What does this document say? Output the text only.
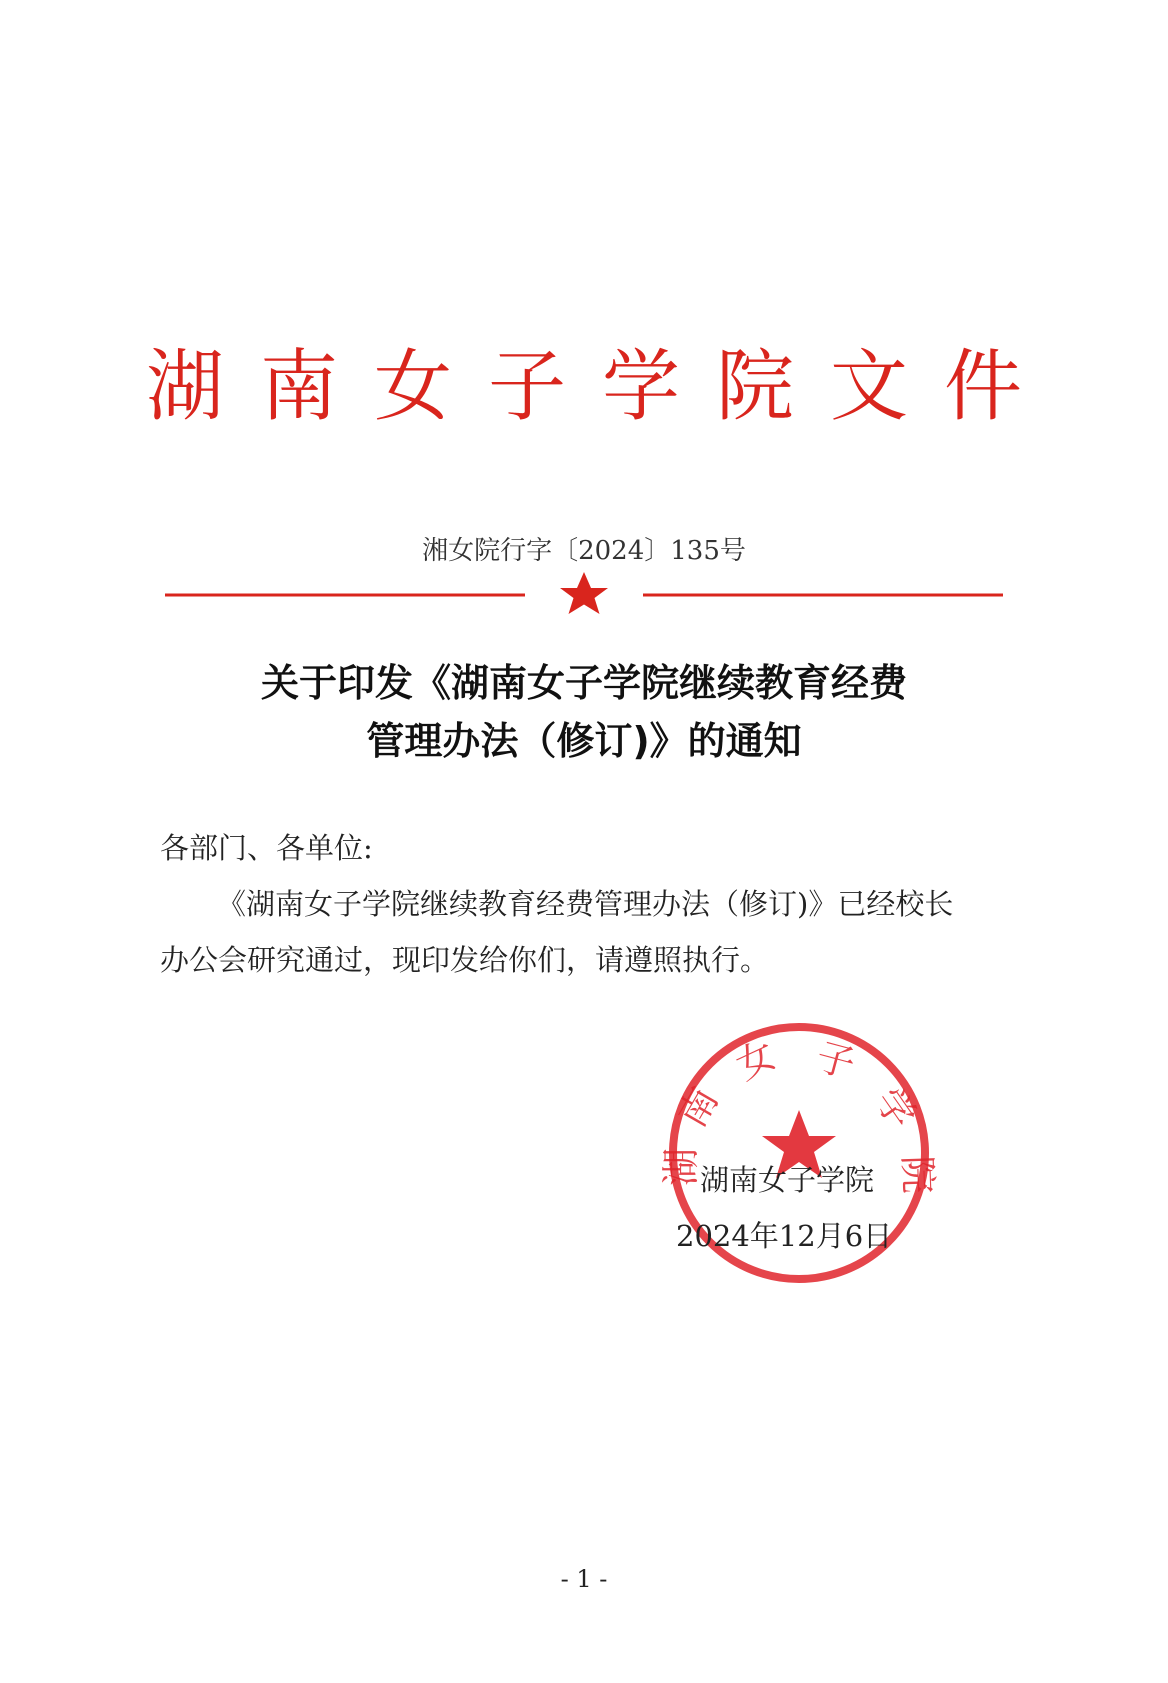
湖南女子学院文件
湘女院行字〔2024〕135号
关于印发《湖南女子学院继续教育经费
管理办法（修订)》的通知
各部门、各单位:
《湖南女子学院继续教育经费管理办法（修订)》已经校长
办公会研究通过，现印发给你们，请遵照执行。
湖
南
女 子
学
院
湖南女子学院
2024年12月6日
- 1 -
